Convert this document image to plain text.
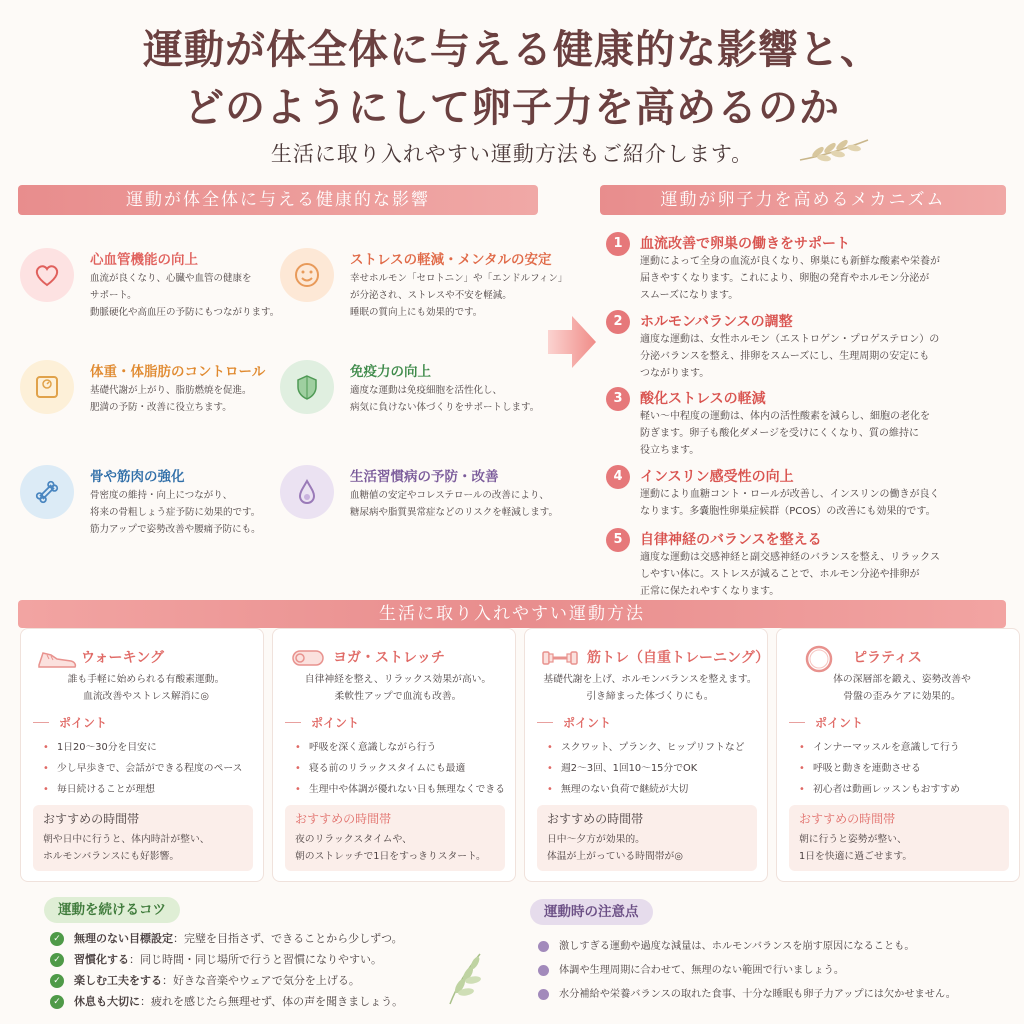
運動が体全体に与える健康的な影響と、
どのようにして卵子力を高めるのか
生活に取り入れやすい運動方法もご紹介します。
運動が体全体に与える健康的な影響	運動が卵子力を高めるメカニズム
心血管機能の向上
血流が良くなり、心臓や血管の健康を
サポート。
動脈硬化や高血圧の予防にもつながります。
ストレスの軽減・メンタルの安定
幸せホルモン「セロトニン」や「エンドルフィン」
が分泌され、ストレスや不安を軽減。
睡眠の質向上にも効果的です。
体重・体脂肪のコントロール
基礎代謝が上がり、脂肪燃焼を促進。
肥満の予防・改善に役立ちます。
免疫力の向上
適度な運動は免疫細胞を活性化し、
病気に負けない体づくりをサポートします。
骨や筋肉の強化
骨密度の維持・向上につながり、
将来の骨粗しょう症予防に効果的です。
筋力アップで姿勢改善や腰痛予防にも。
生活習慣病の予防・改善
血糖値の安定やコレステロールの改善により、
糖尿病や脂質異常症などのリスクを軽減します。
1	血流改善で卵巣の働きをサポート
運動によって全身の血流が良くなり、卵巣にも新鮮な酸素や栄養が
届きやすくなります。これにより、卵胞の発育やホルモン分泌が
スムーズになります。
2	ホルモンバランスの調整
適度な運動は、女性ホルモン（エストロゲン・プロゲステロン）の
分泌バランスを整え、排卵をスムーズにし、生理周期の安定にも
つながります。
3	酸化ストレスの軽減
軽い〜中程度の運動は、体内の活性酸素を減らし、細胞の老化を
防ぎます。卵子も酸化ダメージを受けにくくなり、質の維持に
役立ちます。
4	インスリン感受性の向上
運動により血糖コント・ロールが改善し、インスリンの働きが良く
なります。多嚢胞性卵巣症候群（PCOS）の改善にも効果的です。
5	自律神経のバランスを整える
適度な運動は交感神経と副交感神経のバランスを整え、リラックス
しやすい体に。ストレスが減ることで、ホルモン分泌や排卵が
正常に保たれやすくなります。
生活に取り入れやすい運動方法
ウォーキング
誰も手軽に始められる有酸素運動。
血流改善やストレス解消に◎
ポイント
• 1日20〜30分を目安に
• 少し早歩きで、会話ができる程度のペース
• 毎日続けることが理想
おすすめの時間帯
朝や日中に行うと、体内時計が整い、
ホルモンバランスにも好影響。
ヨガ・ストレッチ
自律神経を整え、リラックス効果が高い。
柔軟性アップで血流も改善。
ポイント
• 呼吸を深く意識しながら行う
• 寝る前のリラックスタイムにも最適
• 生理中や体調が優れない日も無理なくできる
おすすめの時間帯
夜のリラックスタイムや、
朝のストレッチで1日をすっきりスタート。
筋トレ（自重トレーニング）
基礎代謝を上げ、ホルモンバランスを整えます。
引き締まった体づくりにも。
ポイント
• スクワット、プランク、ヒップリフトなど
• 週2〜3回、1回10〜15分でOK
• 無理のない負荷で継続が大切
おすすめの時間帯
日中〜夕方が効果的。
体温が上がっている時間帯が◎
ピラティス
体の深層部を鍛え、姿勢改善や
骨盤の歪みケアに効果的。
ポイント
• インナーマッスルを意識して行う
• 呼吸と動きを連動させる
• 初心者は動画レッスンもおすすめ
おすすめの時間帯
朝に行うと姿勢が整い、
1日を快適に過ごせます。
運動を続けるコツ
✓ 無理のない目標設定：完璧を目指さず、できることから少しずつ。
✓ 習慣化する：同じ時間・同じ場所で行うと習慣になりやすい。
✓ 楽しむ工夫をする：好きな音楽やウェアで気分を上げる。
✓ 休息も大切に：疲れを感じたら無理せず、体の声を聞きましょう。
運動時の注意点
激しすぎる運動や過度な減量は、ホルモンバランスを崩す原因になることも。
体調や生理周期に合わせて、無理のない範囲で行いましょう。
水分補給や栄養バランスの取れた食事、十分な睡眠も卵子力アップには欠かせません。
